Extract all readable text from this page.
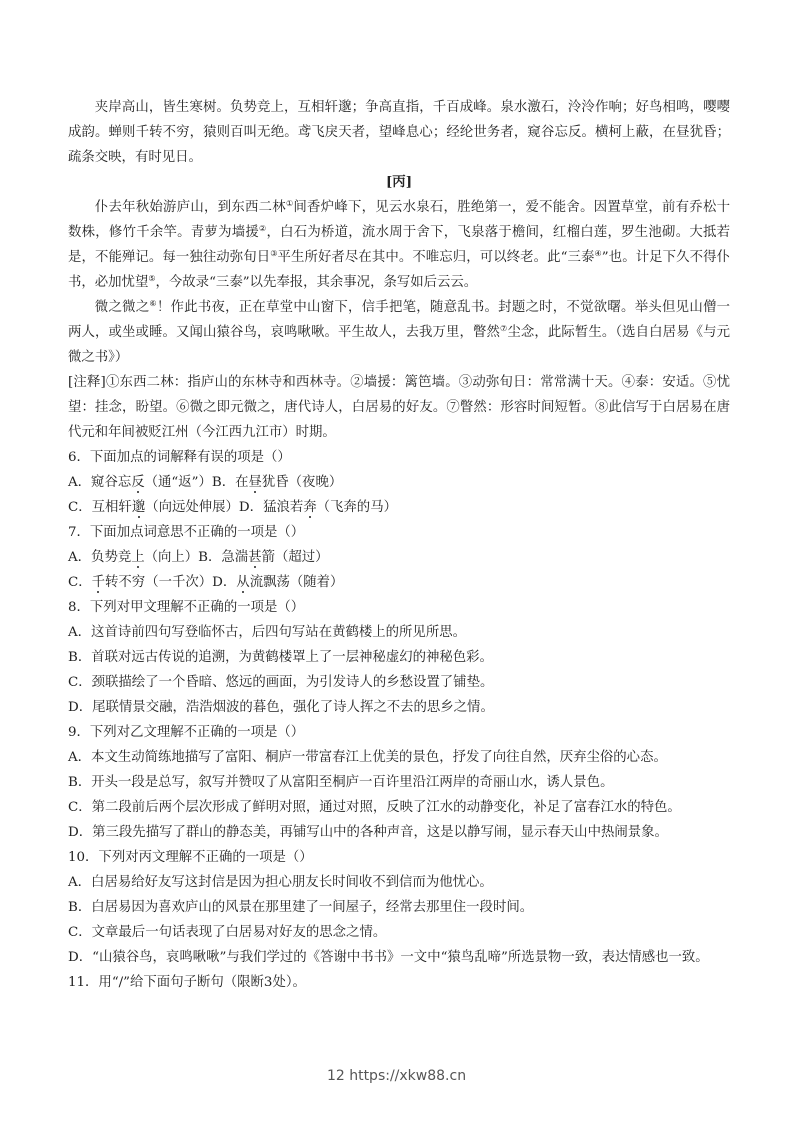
夹岸高山，皆生寒树。负势竞上，互相轩邈；争高直指，千百成峰。泉水激石，泠泠作响；好鸟相鸣，嘤嘤成韵。蝉则千转不穷，猿则百叫无绝。鸢飞戾天者，望峰息心；经纶世务者，窥谷忘反。横柯上蔽，在昼犹昏；疏条交映，有时见日。

[丙]

仆去年秋始游庐山，到东西二林①间香炉峰下，见云水泉石，胜绝第一，爱不能舍。因置草堂，前有乔松十数株，修竹千余竿。青萝为墙援②，白石为桥道，流水周于舍下，飞泉落于檐间，红榴白莲，罗生池砌。大抵若是，不能殚记。每一独往动弥旬日③平生所好者尽在其中。不唯忘归，可以终老。此“三泰④”也。计足下久不得仆书，必加忧望⑤，今故录“三泰”以先奉报，其余事况，条写如后云云。

微之微之⑥！作此书夜，正在草堂中山窗下，信手把笔，随意乱书。封题之时，不觉欲曙。举头但见山僧一两人，或坐或睡。又闻山猿谷鸟，哀鸣啾啾。平生故人，去我万里，瞥然⑦尘念，此际暂生。（选自白居易《与元微之书》）

[注释]①东西二林：指庐山的东林寺和西林寺。②墙援：篱笆墙。③动弥旬日：常常满十天。④泰：安适。⑤忧望：挂念，盼望。⑥微之即元微之，唐代诗人，白居易的好友。⑦瞥然：形容时间短暂。⑧此信写于白居易在唐代元和年间被贬江州（今江西九江市）时期。

6．下面加点的词解释有误的项是（）

A．窥谷忘反（通“返”）B．在昼犹昏（夜晚）

C．互相轩邈（向远处伸展）D．猛浪若奔（飞奔的马）

7．下面加点词意思不正确的一项是（）

A．负势竞上（向上）B．急湍甚箭（超过）

C．千转不穷（一千次）D．从流飘荡（随着）

8．下列对甲文理解不正确的一项是（）

A．这首诗前四句写登临怀古，后四句写站在黄鹤楼上的所见所思。

B．首联对远古传说的追溯，为黄鹤楼罩上了一层神秘虚幻的神秘色彩。

C．颈联描绘了一个昏暗、悠远的画面，为引发诗人的乡愁设置了铺垫。

D．尾联情景交融，浩浩烟波的暮色，强化了诗人挥之不去的思乡之情。

9．下列对乙文理解不正确的一项是（）

A．本文生动简练地描写了富阳、桐庐一带富春江上优美的景色，抒发了向往自然，厌弃尘俗的心态。

B．开头一段是总写，叙写并赞叹了从富阳至桐庐一百许里沿江两岸的奇丽山水，诱人景色。

C．第二段前后两个层次形成了鲜明对照，通过对照，反映了江水的动静变化，补足了富春江水的特色。

D．第三段先描写了群山的静态美，再铺写山中的各种声音，这是以静写闹，显示春天山中热闹景象。

10．下列对丙文理解不正确的一项是（）

A．白居易给好友写这封信是因为担心朋友长时间收不到信而为他忧心。

B．白居易因为喜欢庐山的风景在那里建了一间屋子，经常去那里住一段时间。

C．文章最后一句话表现了白居易对好友的思念之情。

D．“山猿谷鸟，哀鸣啾啾”与我们学过的《答谢中书书》一文中“猿鸟乱啼”所选景物一致，表达情感也一致。

11．用“/”给下面句子断句（限断3处）。

12 https://xkw88.cn
